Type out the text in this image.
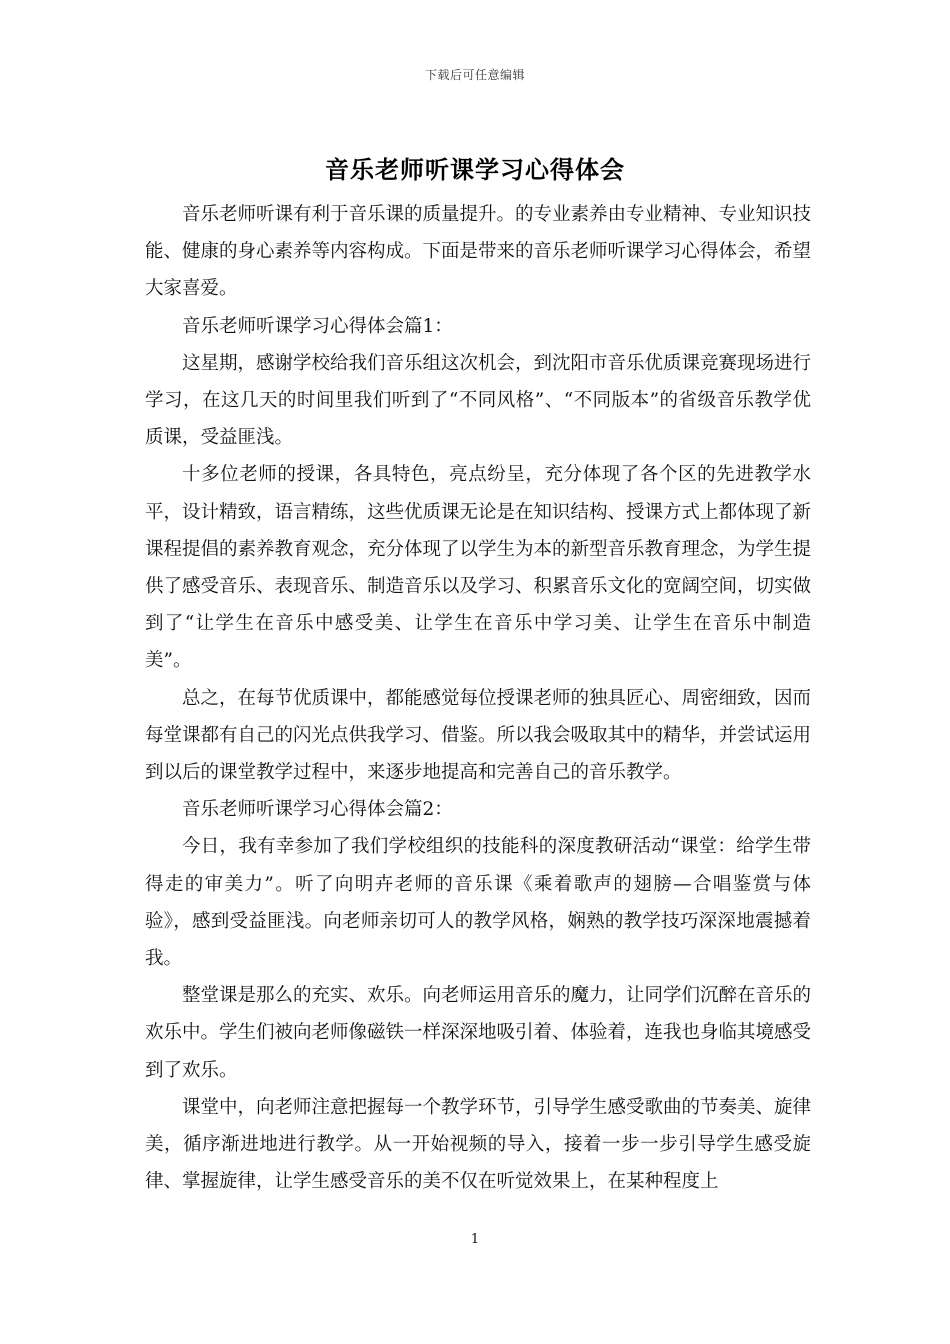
下载后可任意编辑
音乐老师听课学习心得体会

音乐老师听课有利于音乐课的质量提升。的专业素养由专业精神、专业知识技能、健康的身心素养等内容构成。下面是带来的音乐老师听课学习心得体会，希望大家喜爱。

音乐老师听课学习心得体会篇1：

这星期，感谢学校给我们音乐组这次机会，到沈阳市音乐优质课竞赛现场进行学习，在这几天的时间里我们听到了“不同风格”、“不同版本”的省级音乐教学优质课，受益匪浅。

十多位老师的授课，各具特色，亮点纷呈，充分体现了各个区的先进教学水平，设计精致，语言精练，这些优质课无论是在知识结构、授课方式上都体现了新课程提倡的素养教育观念，充分体现了以学生为本的新型音乐教育理念，为学生提供了感受音乐、表现音乐、制造音乐以及学习、积累音乐文化的宽阔空间，切实做到了“让学生在音乐中感受美、让学生在音乐中学习美、让学生在音乐中制造美”。

总之，在每节优质课中，都能感觉每位授课老师的独具匠心、周密细致，因而每堂课都有自己的闪光点供我学习、借鉴。所以我会吸取其中的精华，并尝试运用到以后的课堂教学过程中，来逐步地提高和完善自己的音乐教学。

音乐老师听课学习心得体会篇2：

今日，我有幸参加了我们学校组织的技能科的深度教研活动“课堂：给学生带得走的审美力”。听了向明卉老师的音乐课《乘着歌声的翅膀—合唱鉴赏与体验》，感到受益匪浅。向老师亲切可人的教学风格，娴熟的教学技巧深深地震撼着我。

整堂课是那么的充实、欢乐。向老师运用音乐的魔力，让同学们沉醉在音乐的欢乐中。学生们被向老师像磁铁一样深深地吸引着、体验着，连我也身临其境感受到了欢乐。

课堂中，向老师注意把握每一个教学环节，引导学生感受歌曲的节奏美、旋律美，循序渐进地进行教学。从一开始视频的导入，接着一步一步引导学生感受旋律、掌握旋律，让学生感受音乐的美不仅在听觉效果上，在某种程度上

1
